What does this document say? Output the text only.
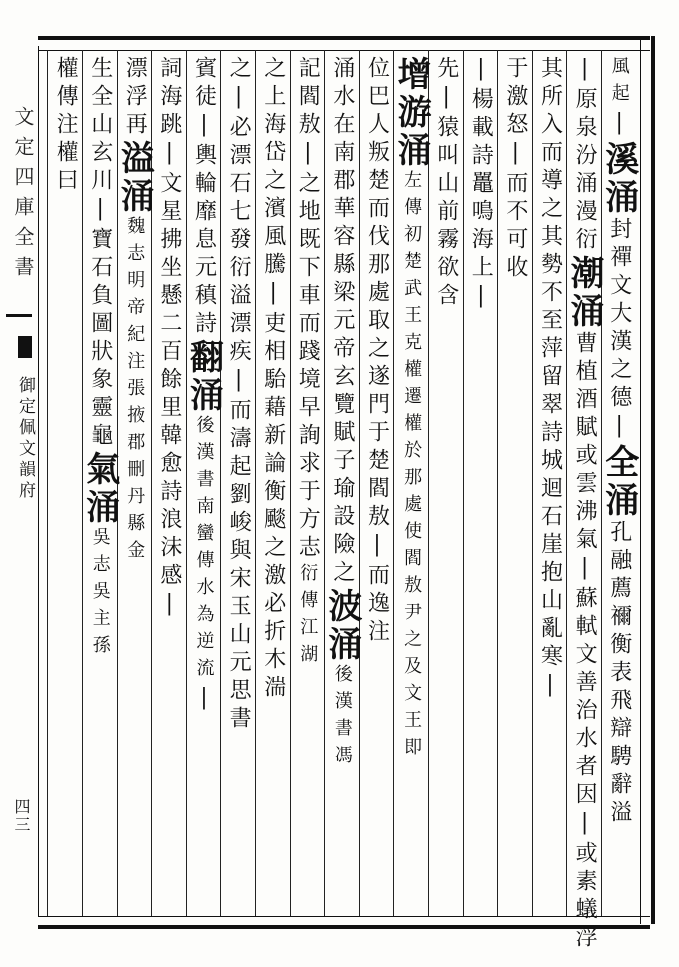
文定四庫全書
御定佩文韻府
四三
風起
|
溪
涌
封禪文大漢之德
|
全
涌
孔融薦禰衡表飛辯騁辭溢
|
原泉汾涌漫衍
潮
涌
曹植酒賦或雲沸
氣|
蘇軾文善治水者因
|
或素蟻浮
其所入而導之其勢不至
萍留翠詩城迴石崖抱山亂寒
|
于激怒
|
而不可收
|
楊載詩鼉鳴海上
|
先|
猿叫山前霧欲含
增
游
涌
左傳初楚武王克權遷權於那處使閻敖尹之及文王即
位巴人叛楚而伐那處取之遂門于楚閻敖
|
而逸注
涌水在南郡華容縣梁元帝玄覽賦子瑜設險之
波
涌
後漢書馮
記閻敖
|
之地既下車而踐境早詢求于方志
衍傳江湖
之上海岱之濱風騰
|
吏相駘藉新論衡颷之激必折木湍
之
|
必漂石七發衍溢漂疾
|
而濤起劉峻與宋玉山元思書
賓徒
|
輿輪靡息元稹詩
翻
涌
後漢書南蠻傳水為逆流
|
詞海跳
|
文星拂坐懸
二百餘里韓愈詩浪沫感
|
漂浮再
溢
涌
魏志明帝紀注張掖郡刪丹縣金
生全
山玄川
|
寶石負圖狀象靈龜
氣
涌
吳志吳主孫
權傳注權曰
